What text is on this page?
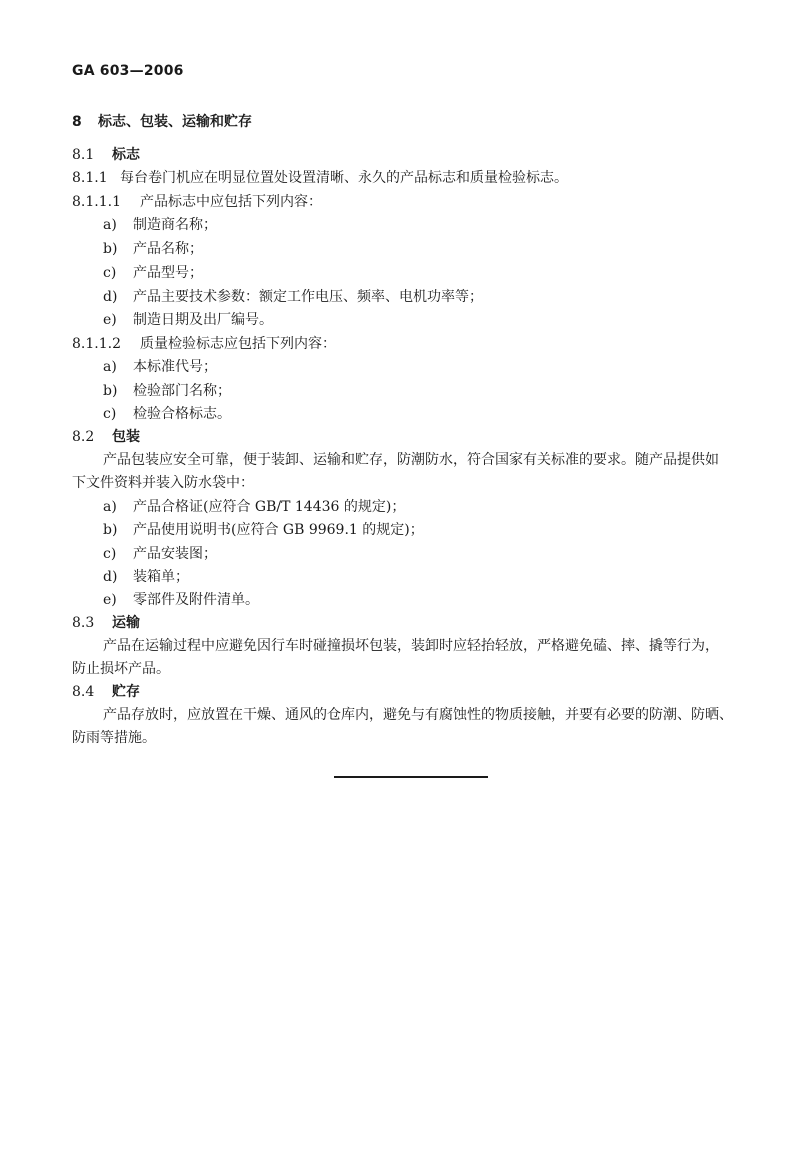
GA 603—2006
8 标志、包装、运输和贮存
8.1 标志
8.1.1 每台卷门机应在明显位置处设置清晰、永久的产品标志和质量检验标志。
8.1.1.1 产品标志中应包括下列内容：
a) 制造商名称；
b) 产品名称；
c) 产品型号；
d) 产品主要技术参数：额定工作电压、频率、电机功率等；
e) 制造日期及出厂编号。
8.1.1.2 质量检验标志应包括下列内容：
a) 本标准代号；
b) 检验部门名称；
c) 检验合格标志。
8.2 包装
产品包装应安全可靠，便于装卸、运输和贮存，防潮防水，符合国家有关标准的要求。随产品提供如
下文件资料并装入防水袋中：
a) 产品合格证(应符合 GB/T 14436 的规定)；
b) 产品使用说明书(应符合 GB 9969.1 的规定)；
c) 产品安装图；
d) 装箱单；
e) 零部件及附件清单。
8.3 运输
产品在运输过程中应避免因行车时碰撞损坏包装，装卸时应轻抬轻放，严格避免磕、摔、撬等行为，
防止损坏产品。
8.4 贮存
产品存放时，应放置在干燥、通风的仓库内，避免与有腐蚀性的物质接触，并要有必要的防潮、防晒、
防雨等措施。
